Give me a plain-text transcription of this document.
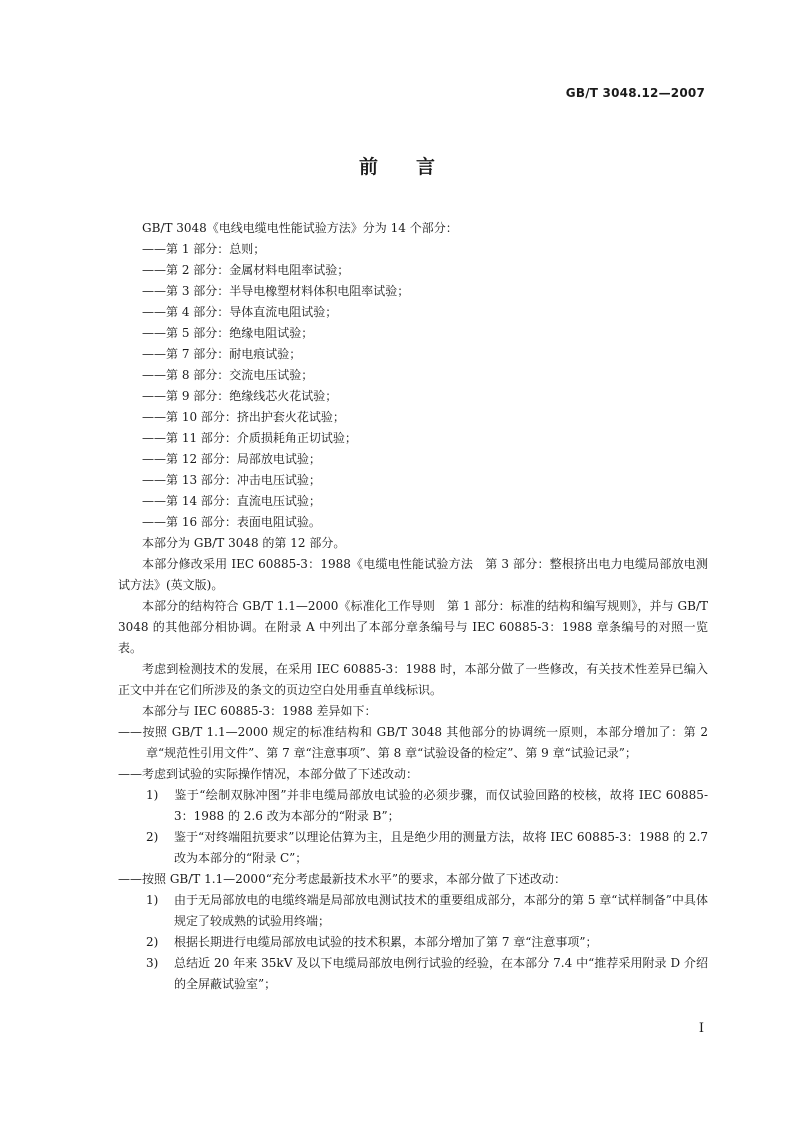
GB/T 3048.12—2007
前言
GB/T 3048《电线电缆电性能试验方法》分为 14 个部分：
——第 1 部分：总则；
——第 2 部分：金属材料电阻率试验；
——第 3 部分：半导电橡塑材料体积电阻率试验；
——第 4 部分：导体直流电阻试验；
——第 5 部分：绝缘电阻试验；
——第 7 部分：耐电痕试验；
——第 8 部分：交流电压试验；
——第 9 部分：绝缘线芯火花试验；
——第 10 部分：挤出护套火花试验；
——第 11 部分：介质损耗角正切试验；
——第 12 部分：局部放电试验；
——第 13 部分：冲击电压试验；
——第 14 部分：直流电压试验；
——第 16 部分：表面电阻试验。
本部分为 GB/T 3048 的第 12 部分。
本部分修改采用 IEC 60885-3：1988《电缆电性能试验方法　第 3 部分：整根挤出电力电缆局部放电测试方法》(英文版)。
本部分的结构符合 GB/T 1.1—2000《标准化工作导则　第 1 部分：标准的结构和编写规则》，并与 GB/T 3048 的其他部分相协调。在附录 A 中列出了本部分章条编号与 IEC 60885-3：1988 章条编号的对照一览表。
考虑到检测技术的发展，在采用 IEC 60885-3：1988 时，本部分做了一些修改，有关技术性差异已编入正文中并在它们所涉及的条文的页边空白处用垂直单线标识。
本部分与 IEC 60885-3：1988 差异如下：
——按照 GB/T 1.1—2000 规定的标准结构和 GB/T 3048 其他部分的协调统一原则，本部分增加了：第 2 章“规范性引用文件”、第 7 章“注意事项”、第 8 章“试验设备的检定”、第 9 章“试验记录”；
——考虑到试验的实际操作情况，本部分做了下述改动：
1) 鉴于“绘制双脉冲图”并非电缆局部放电试验的必须步骤，而仅试验回路的校核，故将 IEC 60885-3：1988 的 2.6 改为本部分的“附录 B”；
2) 鉴于“对终端阻抗要求”以理论估算为主，且是绝少用的测量方法，故将 IEC 60885-3：1988 的 2.7 改为本部分的“附录 C”；
——按照 GB/T 1.1—2000“充分考虑最新技术水平”的要求，本部分做了下述改动：
1) 由于无局部放电的电缆终端是局部放电测试技术的重要组成部分，本部分的第 5 章“试样制备”中具体规定了较成熟的试验用终端；
2) 根据长期进行电缆局部放电试验的技术积累，本部分增加了第 7 章“注意事项”；
3) 总结近 20 年来 35kV 及以下电缆局部放电例行试验的经验，在本部分 7.4 中“推荐采用附录 D 介绍的全屏蔽试验室”；
I
